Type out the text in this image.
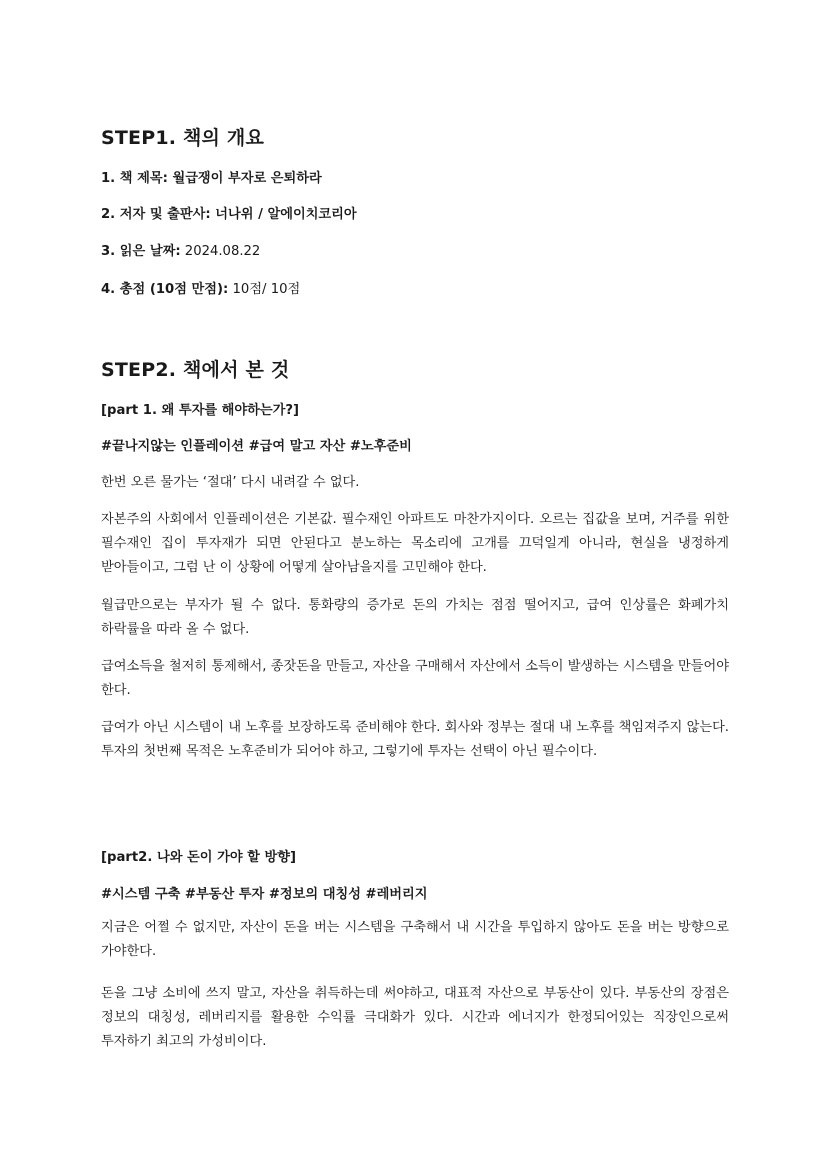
STEP1. 책의 개요

1. 책 제목: 월급쟁이 부자로 은퇴하라

2. 저자 및 출판사: 너나위 / 알에이치코리아

3. 읽은 날짜: 2024.08.22

4. 총점 (10점 만점): 10점/ 10점

STEP2. 책에서 본 것

[part 1. 왜 투자를 해야하는가?]

#끝나지않는 인플레이션 #급여 말고 자산 #노후준비

한번 오른 물가는 ‘절대’ 다시 내려갈 수 없다.

자본주의 사회에서 인플레이션은 기본값. 필수재인 아파트도 마찬가지이다. 오르는 집값을 보며, 거주를 위한 필수재인 집이 투자재가 되면 안된다고 분노하는 목소리에 고개를 끄덕일게 아니라, 현실을 냉정하게 받아들이고, 그럼 난 이 상황에 어떻게 살아남을지를 고민해야 한다.

월급만으로는 부자가 될 수 없다. 통화량의 증가로 돈의 가치는 점점 떨어지고, 급여 인상률은 화폐가치 하락률을 따라 올 수 없다.

급여소득을 철저히 통제해서, 종잣돈을 만들고, 자산을 구매해서 자산에서 소득이 발생하는 시스템을 만들어야 한다.

급여가 아닌 시스템이 내 노후를 보장하도록 준비해야 한다. 회사와 정부는 절대 내 노후를 책임져주지 않는다. 투자의 첫번째 목적은 노후준비가 되어야 하고, 그렇기에 투자는 선택이 아닌 필수이다.

[part2. 나와 돈이 가야 할 방향]

#시스템 구축 #부동산 투자 #정보의 대칭성 #레버리지

지금은 어쩔 수 없지만, 자산이 돈을 버는 시스템을 구축해서 내 시간을 투입하지 않아도 돈을 버는 방향으로 가야한다.

돈을 그냥 소비에 쓰지 말고, 자산을 취득하는데 써야하고, 대표적 자산으로 부동산이 있다. 부동산의 장점은 정보의 대칭성, 레버리지를 활용한 수익률 극대화가 있다. 시간과 에너지가 한정되어있는 직장인으로써 투자하기 최고의 가성비이다.
